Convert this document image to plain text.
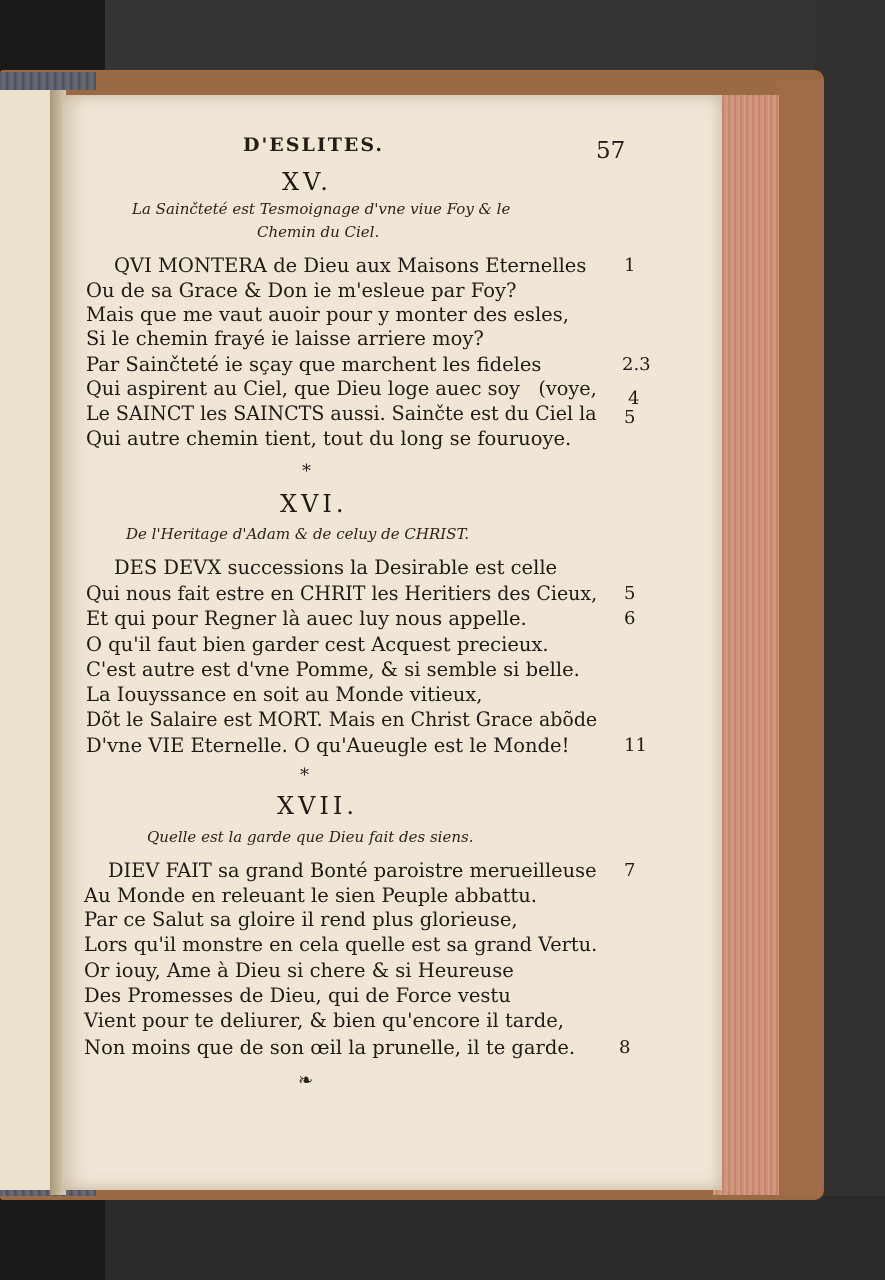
D'ESLITES.	57
XV.
La Sainčteté est Tesmoignage d'vne viue Foy & le
Chemin du Ciel.
QVI MONTERA de Dieu aux Maisons Eternelles 1
Ou de sa Grace & Don ie m'esleue par Foy?
Mais que me vaut auoir pour y monter des esles,
Si le chemin frayé ie laisse arriere moy?
Par Sainčteté ie sçay que marchent les fideles	2.3
Qui aspirent au Ciel, que Dieu loge auec soy   (voye, 4
Le SAINCT les SAINCTS aussi. Sainčte est du Ciel la 5
Qui autre chemin tient, tout du long se fouruoye.
*
XVI.
De l'Heritage d'Adam & de celuy de CHRIST.
DES DEVX successions la Desirable est celle
Qui nous fait estre en CHRIT les Heritiers des Cieux, 5
Et qui pour Regner là auec luy nous appelle.	6
O qu'il faut bien garder cest Acquest precieux.
C'est autre est d'vne Pomme, & si semble si belle.
La Iouyssance en soit au Monde vitieux,
Dõt le Salaire est MORT. Mais en Christ Grace abõde
D'vne VIE Eternelle. O qu'Aueugle est le Monde!	11
*
XVII.
Quelle est la garde que Dieu fait des siens.
DIEV FAIT sa grand Bonté paroistre merueilleuse 7
Au Monde en releuant le sien Peuple abbattu.
Par ce Salut sa gloire il rend plus glorieuse,
Lors qu'il monstre en cela quelle est sa grand Vertu.
Or iouy, Ame à Dieu si chere & si Heureuse
Des Promesses de Dieu, qui de Force vestu
Vient pour te deliurer, & bien qu'encore il tarde,
Non moins que de son œil la prunelle, il te garde. 8
❧
